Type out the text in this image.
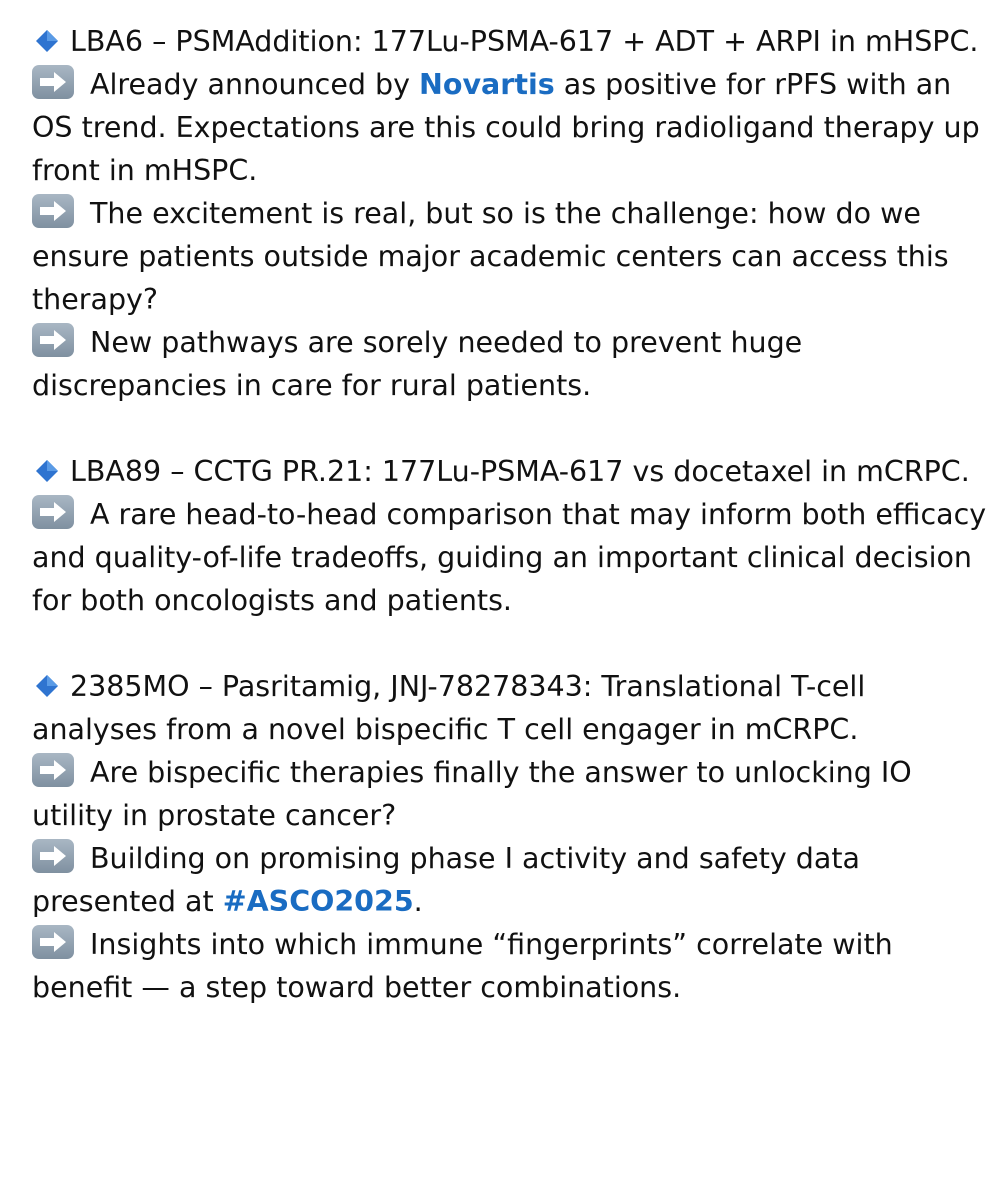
LBA6 – PSMAddition: 177Lu-PSMA-617 + ADT + ARPI in mHSPC.
Already announced by Novartis as positive for rPFS with an OS trend. Expectations are this could bring radioligand therapy up front in mHSPC.
The excitement is real, but so is the challenge: how do we ensure patients outside major academic centers can access this therapy?
New pathways are sorely needed to prevent huge discrepancies in care for rural patients.
LBA89 – CCTG PR.21: 177Lu-PSMA-617 vs docetaxel in mCRPC.
A rare head-to-head comparison that may inform both efficacy and quality-of-life tradeoffs, guiding an important clinical decision for both oncologists and patients.
2385MO – Pasritamig, JNJ-78278343: Translational T-cell analyses from a novel bispecific T cell engager in mCRPC.
Are bispecific therapies finally the answer to unlocking IO utility in prostate cancer?
Building on promising phase I activity and safety data presented at #ASCO2025.
Insights into which immune “fingerprints” correlate with benefit — a step toward better combinations.
